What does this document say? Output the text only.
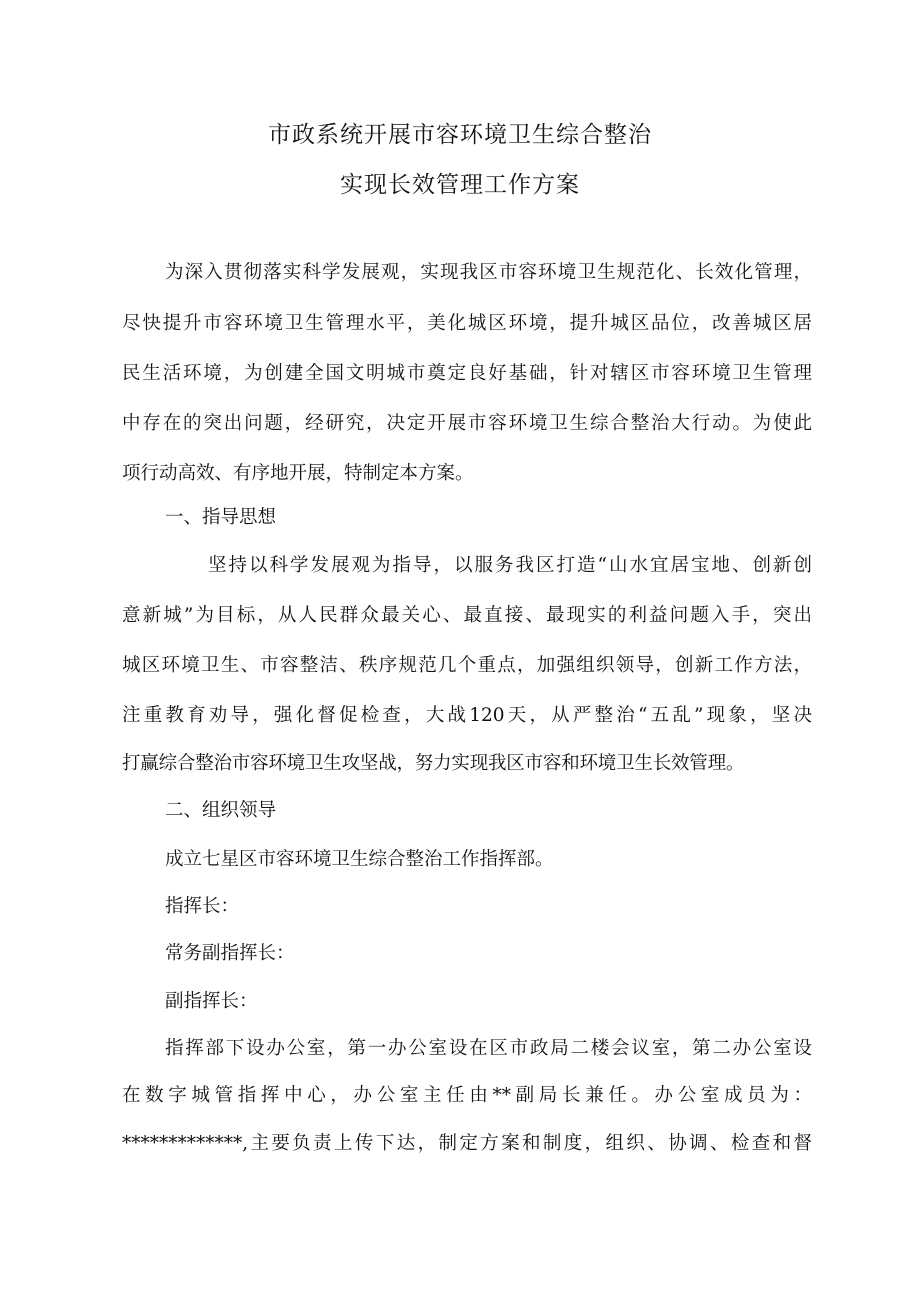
市政系统开展市容环境卫生综合整治
实现长效管理工作方案
为深入贯彻落实科学发展观，实现我区市容环境卫生规范化、长效化管理，
尽快提升市容环境卫生管理水平，美化城区环境，提升城区品位，改善城区居
民生活环境，为创建全国文明城市奠定良好基础，针对辖区市容环境卫生管理
中存在的突出问题，经研究，决定开展市容环境卫生综合整治大行动。为使此
项行动高效、有序地开展，特制定本方案。
一、指导思想
坚持以科学发展观为指导，以服务我区打造“山水宜居宝地、创新创
意新城”为目标，从人民群众最关心、最直接、最现实的利益问题入手，突出
城区环境卫生、市容整洁、秩序规范几个重点，加强组织领导，创新工作方法，
注重教育劝导，强化督促检查，大战120天，从严整治“五乱”现象，坚决
打赢综合整治市容环境卫生攻坚战，努力实现我区市容和环境卫生长效管理。
二、组织领导
成立七星区市容环境卫生综合整治工作指挥部。
指挥长：
常务副指挥长：
副指挥长：
指挥部下设办公室，第一办公室设在区市政局二楼会议室，第二办公室设
在数字城管指挥中心，办公室主任由**副局长兼任。办公室成员为：
*************,主要负责上传下达，制定方案和制度，组织、协调、检查和督
